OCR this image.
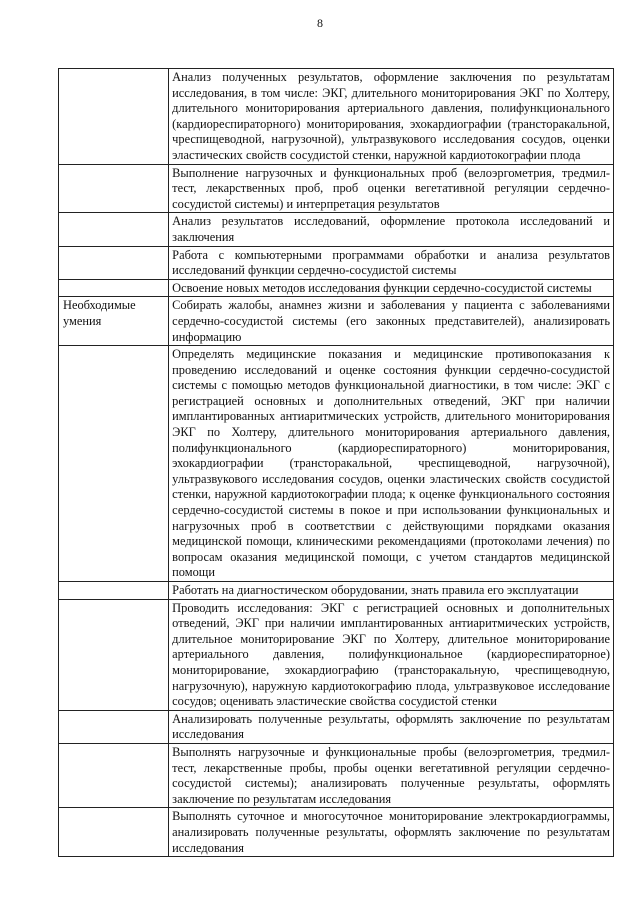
8
	Анализ полученных результатов, оформление заключения по результатам исследования, в том числе: ЭКГ, длительного мониторирования ЭКГ по Холтеру, длительного мониторирования артериального давления, полифункционального (кардиореспираторного) мониторирования, эхокардиографии (трансторакальной, чреспищеводной, нагрузочной), ультразвукового исследования сосудов, оценки эластических свойств сосудистой стенки, наружной кардиотокографии плода
	Выполнение нагрузочных и функциональных проб (велоэргометрия, тредмил-тест, лекарственных проб, проб оценки вегетативной регуляции сердечно-сосудистой системы) и интерпретация результатов
	Анализ результатов исследований, оформление протокола исследований и заключения
	Работа с компьютерными программами обработки и анализа результатов исследований функции сердечно-сосудистой системы
	Освоение новых методов исследования функции сердечно-сосудистой системы
Необходимые умения	Собирать жалобы, анамнез жизни и заболевания у пациента с заболеваниями сердечно-сосудистой системы (его законных представителей), анализировать информацию
	Определять медицинские показания и медицинские противопоказания к проведению исследований и оценке состояния функции сердечно-сосудистой системы с помощью методов функциональной диагностики, в том числе: ЭКГ с регистрацией основных и дополнительных отведений, ЭКГ при наличии имплантированных антиаритмических устройств, длительного мониторирования ЭКГ по Холтеру, длительного мониторирования артериального давления, полифункционального (кардиореспираторного) мониторирования, эхокардиографии (трансторакальной, чреспищеводной, нагрузочной), ультразвукового исследования сосудов, оценки эластических свойств сосудистой стенки, наружной кардиотокографии плода; к оценке функционального состояния сердечно-сосудистой системы в покое и при использовании функциональных и нагрузочных проб в соответствии с действующими порядками оказания медицинской помощи, клиническими рекомендациями (протоколами лечения) по вопросам оказания медицинской помощи, с учетом стандартов медицинской помощи
	Работать на диагностическом оборудовании, знать правила его эксплуатации
	Проводить исследования: ЭКГ с регистрацией основных и дополнительных отведений, ЭКГ при наличии имплантированных антиаритмических устройств, длительное мониторирование ЭКГ по Холтеру, длительное мониторирование артериального давления, полифункциональное (кардиореспираторное) мониторирование, эхокардиографию (трансторакальную, чреспищеводную, нагрузочную), наружную кардиотокографию плода, ультразвуковое исследование сосудов; оценивать эластические свойства сосудистой стенки
	Анализировать полученные результаты, оформлять заключение по результатам исследования
	Выполнять нагрузочные и функциональные пробы (велоэргометрия, тредмил-тест, лекарственные пробы, пробы оценки вегетативной регуляции сердечно-сосудистой системы); анализировать полученные результаты, оформлять заключение по результатам исследования
	Выполнять суточное и многосуточное мониторирование электрокардиограммы, анализировать полученные результаты, оформлять заключение по результатам исследования
